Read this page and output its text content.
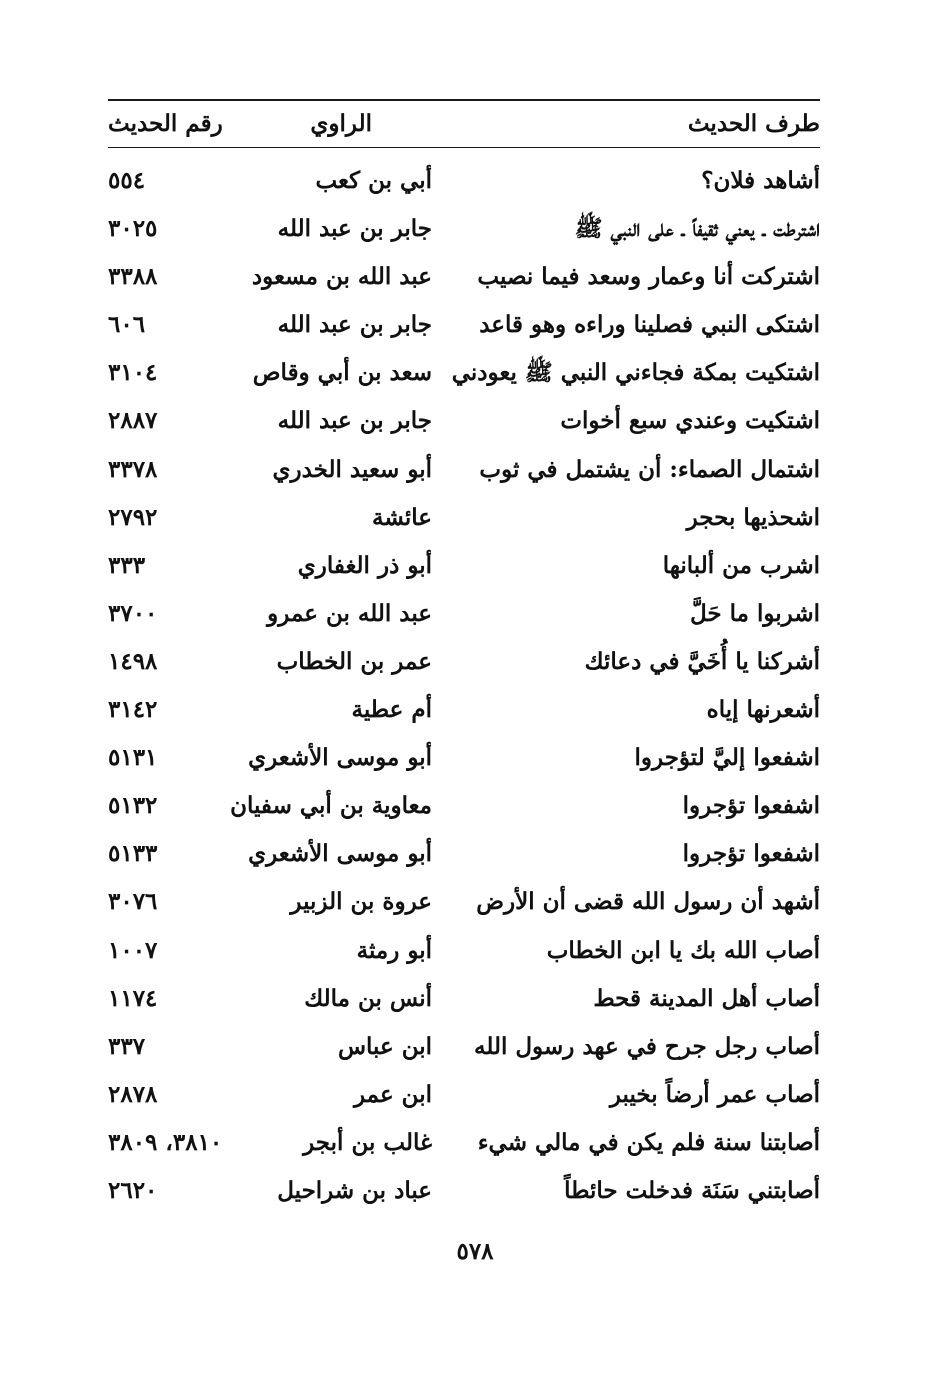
طرف الحديث
الراوي
رقم الحديث
أشاهد فلان؟
أبي بن كعب
٥٥٤
اشترطت ـ يعني ثقيفاً ـ على النبي ﷺ
جابر بن عبد الله
٣٠٢٥
اشتركت أنا وعمار وسعد فيما نصيب
عبد الله بن مسعود
٣٣٨٨
اشتكى النبي فصلينا وراءه وهو قاعد
جابر بن عبد الله
٦٠٦
اشتكيت بمكة فجاءني النبي ﷺ يعودني
سعد بن أبي وقاص
٣١٠٤
اشتكيت وعندي سبع أخوات
جابر بن عبد الله
٢٨٨٧
اشتمال الصماء: أن يشتمل في ثوب
أبو سعيد الخدري
٣٣٧٨
اشحذيها بحجر
عائشة
٢٧٩٢
اشرب من ألبانها
أبو ذر الغفاري
٣٣٣
اشربوا ما حَلَّ
عبد الله بن عمرو
٣٧٠٠
أشركنا يا أُخَيَّ في دعائك
عمر بن الخطاب
١٤٩٨
أشعرنها إياه
أم عطية
٣١٤٢
اشفعوا إليَّ لتؤجروا
أبو موسى الأشعري
٥١٣١
اشفعوا تؤجروا
معاوية بن أبي سفيان
٥١٣٢
اشفعوا تؤجروا
أبو موسى الأشعري
٥١٣٣
أشهد أن رسول الله قضى أن الأرض
عروة بن الزبير
٣٠٧٦
أصاب الله بك يا ابن الخطاب
أبو رمثة
١٠٠٧
أصاب أهل المدينة قحط
أنس بن مالك
١١٧٤
أصاب رجل جرح في عهد رسول الله
ابن عباس
٣٣٧
أصاب عمر أرضاً بخيبر
ابن عمر
٢٨٧٨
أصابتنا سنة فلم يكن في مالي شيء
غالب بن أبجر
٣٨١٠، ٣٨٠٩
أصابتني سَنَة فدخلت حائطاً
عباد بن شراحيل
٢٦٢٠
٥٧٨
